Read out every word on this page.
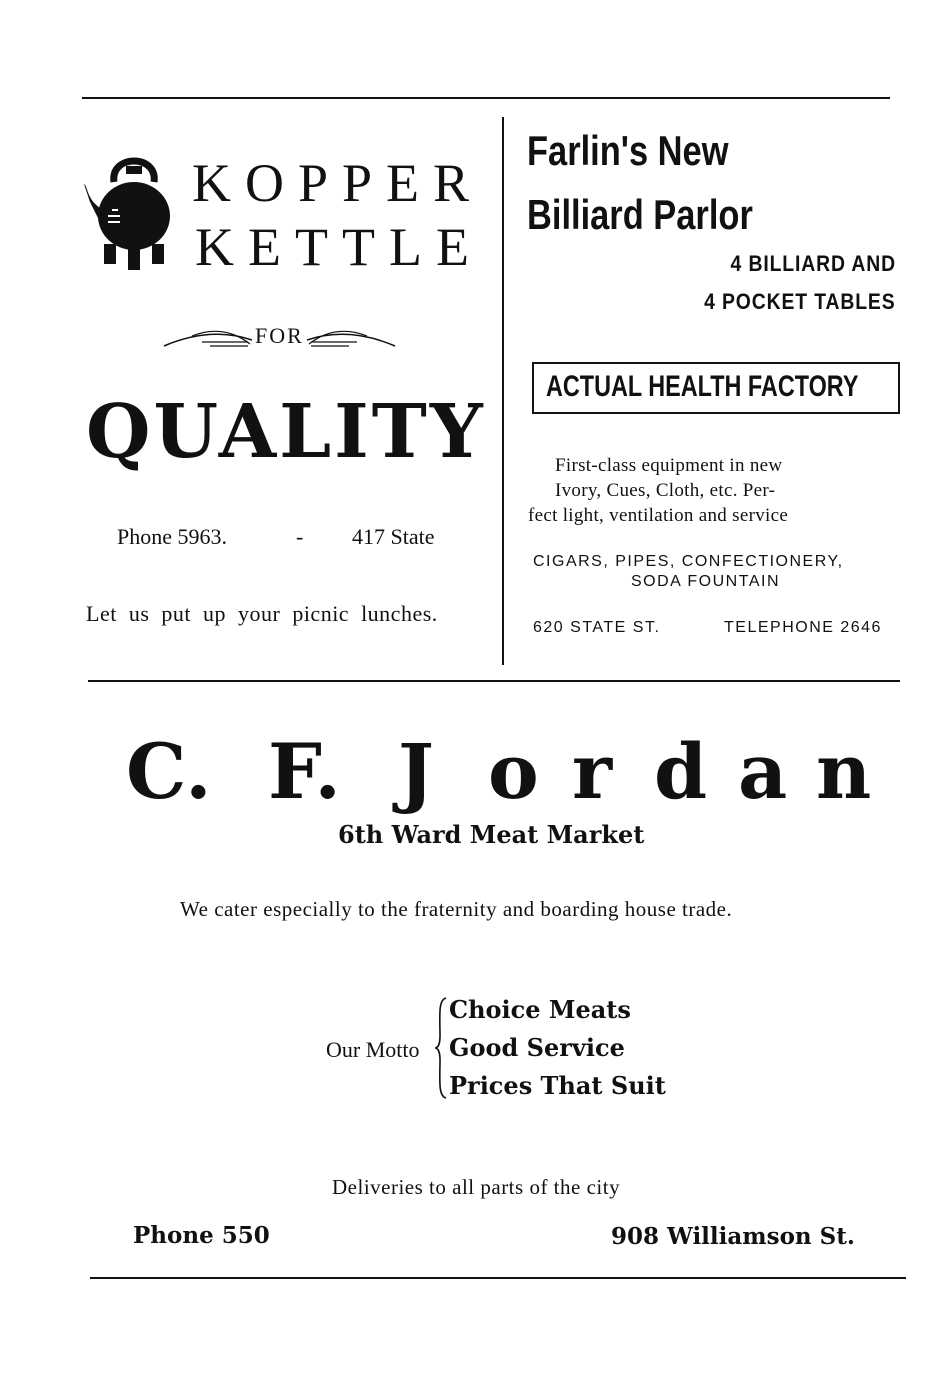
KOPPER
KETTLE
FOR
QUALITY
Phone 5963.	- 417 State
Let us put up your picnic lunches.
Farlin's New
Billiard Parlor
4 BILLIARD AND
4 POCKET TABLES
ACTUAL HEALTH FACTORY
First-class equipment in new
Ivory, Cues, Cloth, etc. Per-
fect light, ventilation and service
CIGARS, PIPES, CONFECTIONERY,
SODA FOUNTAIN
620 STATE ST.	TELEPHONE 2646
C. F. J o r d a n
6th Ward Meat Market
We cater especially to the fraternity and boarding house trade.
Our Motto
Choice Meats
Good Service
Prices That Suit
Deliveries to all parts of the city
Phone 550	908 Williamson St.
